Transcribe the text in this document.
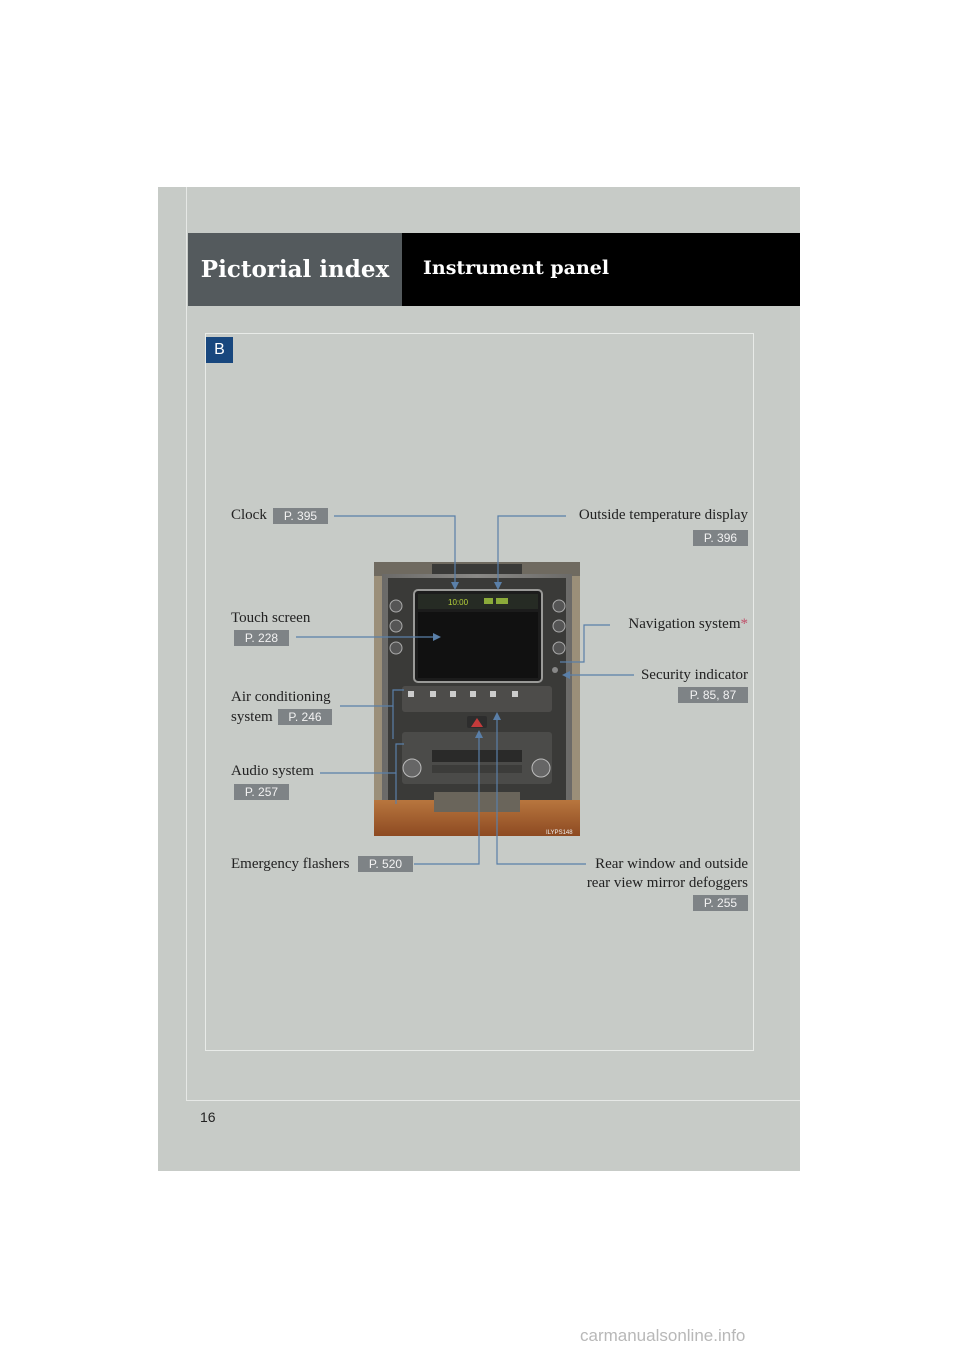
Pictorial index	Instrument panel
B
10:00
ILYPS148
Clock	P. 395	Outside temperature display
P. 396
Touch screen
P. 228
Navigation system*
Security indicator
P. 85, 87
Air conditioning
system	P. 246
Audio system
P. 257
Emergency flashers	P. 520	Rear window and outside
rear view mirror defoggers
P. 255
16
carmanualsonline.info
